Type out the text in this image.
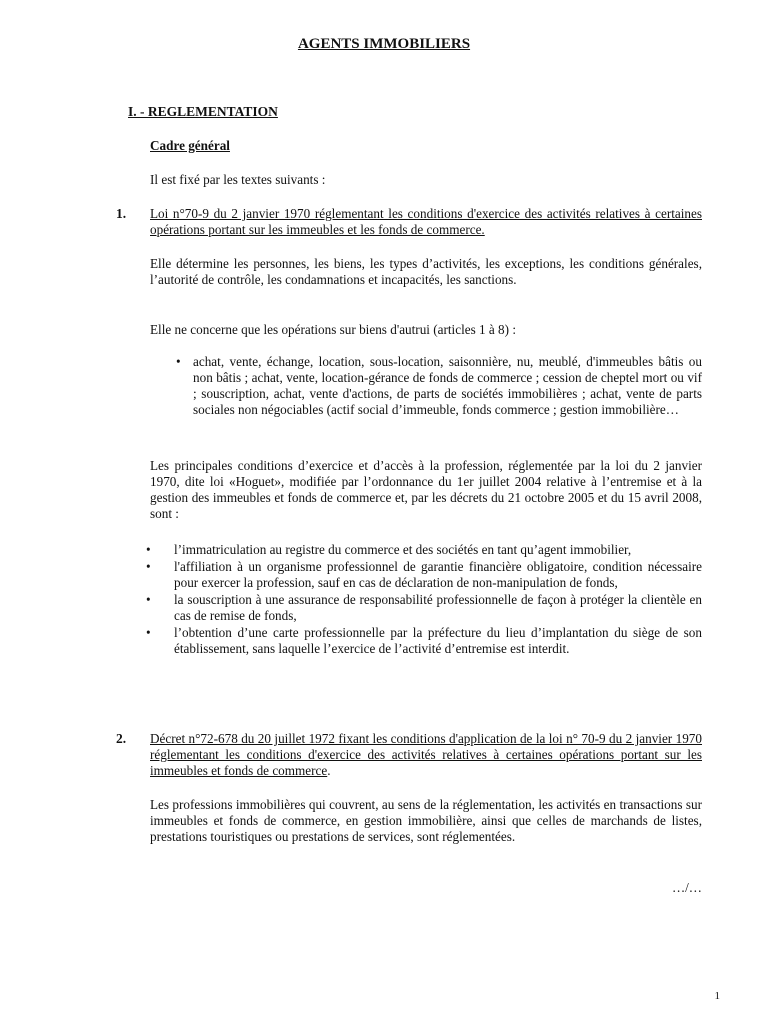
AGENTS IMMOBILIERS
I. - REGLEMENTATION
Cadre général
Il est fixé par les textes suivants :
1. Loi n°70-9 du 2 janvier 1970 réglementant les conditions d'exercice des activités relatives à certaines opérations portant sur les immeubles et les fonds de commerce.
Elle détermine les personnes, les biens, les types d’activités, les exceptions, les conditions générales, l’autorité de contrôle, les condamnations et incapacités, les sanctions.
Elle ne concerne que les opérations sur biens d'autrui (articles 1 à 8) :
• achat, vente, échange, location, sous-location, saisonnière, nu, meublé, d'immeubles bâtis ou non bâtis ; achat, vente, location-gérance de fonds de commerce ; cession de cheptel mort ou vif ; souscription, achat, vente d'actions, de parts de sociétés immobilières ; achat, vente de parts sociales non négociables (actif social d’immeuble, fonds commerce ; gestion immobilière…
Les principales conditions d’exercice et d’accès à la profession, réglementée par la loi du 2 janvier 1970, dite loi «Hoguet», modifiée par l’ordonnance du 1er juillet 2004 relative à l’entremise et à la gestion des immeubles et fonds de commerce et, par les décrets du 21 octobre 2005 et du 15 avril 2008, sont :
• l’immatriculation au registre du commerce et des sociétés en tant qu’agent immobilier,
• l'affiliation à un organisme professionnel de garantie financière obligatoire, condition nécessaire pour exercer la profession, sauf en cas de déclaration de non-manipulation de fonds,
• la souscription à une assurance de responsabilité professionnelle de façon à protéger la clientèle en cas de remise de fonds,
• l’obtention d’une carte professionnelle par la préfecture du lieu d’implantation du siège de son établissement, sans laquelle l’exercice de l’activité d’entremise est interdit.
2. Décret n°72-678 du 20 juillet 1972 fixant les conditions d'application de la loi n° 70-9 du 2 janvier 1970 réglementant les conditions d'exercice des activités relatives à certaines opérations portant sur les immeubles et fonds de commerce.
Les professions immobilières qui couvrent, au sens de la réglementation, les activités en transactions sur immeubles et fonds de commerce, en gestion immobilière, ainsi que celles de marchands de listes, prestations touristiques ou prestations de services, sont réglementées.
…/…
1
